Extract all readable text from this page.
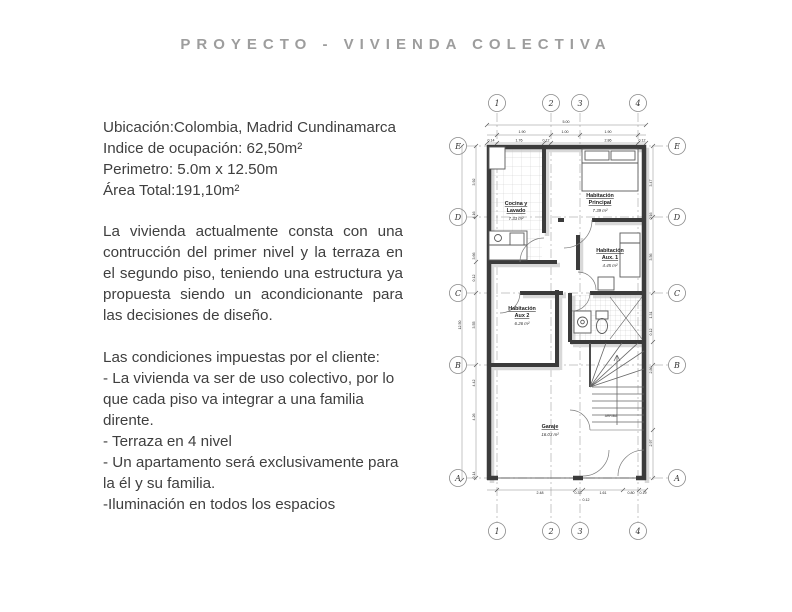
PROYECTO - VIVIENDA COLECTIVA
Ubicación:Colombia, Madrid Cundinamarca
Indice de ocupación: 62,50m²
Perimetro: 5.0m x 12.50m
Área Total:191,10m²

La vivienda actualmente consta con una contrucción del primer nivel y la terraza en el segundo piso, teniendo una estructura ya propuesta siendo un acondicionante para las decisiones de diseño.

Las condiciones impuestas por el cliente:
- La vivienda va ser de uso colectivo, por lo que cada piso va integrar a una familia dirente.
- Terraza en 4 nivel
- Un apartamento será exclusivamente para la él y su familia.
-Iluminación en todos los espacios
1
1
2
2
3
3
4
4
E	E
D	D
C	C
B	B
A	A
5.00
1.90	1.00	1.90
0.14	1.76	0.12	2.86	0.12
2.48	0.33	1.61	0.80 0.19
0.12
12.50
3.92
4.16
3.66
0.12
3.55
4.42
4.26
0.14
3.47
0.16
3.56
1.31
0.12
2.86
2.97
Cocina y
Lavado
7.33 m²
Habitación
Principal
7.39 m²
Habitación
Aux. 1
4.45 m²
Habitación
Aux 2
6.26 m²
Garaje
16.03 m²
ARRIBA
